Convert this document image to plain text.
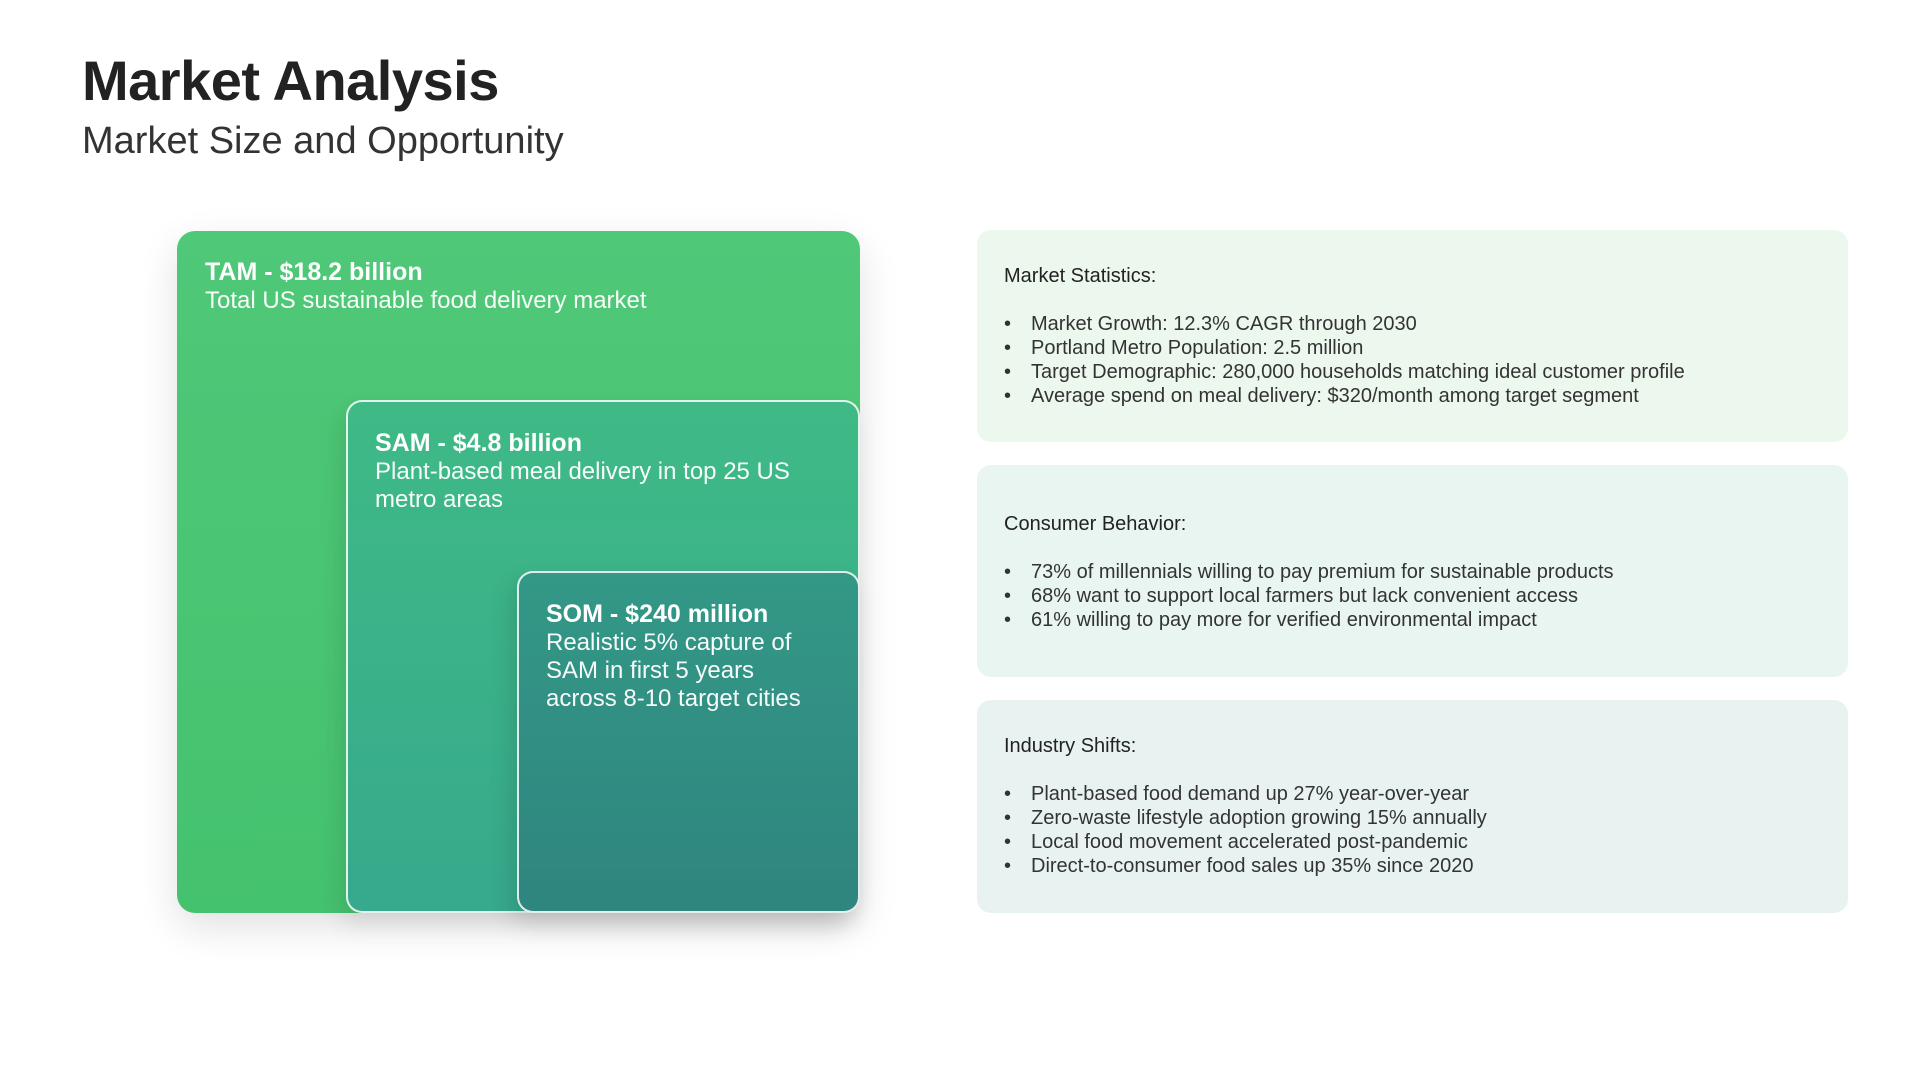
Market Analysis
Market Size and Opportunity
TAM - $18.2 billion
Total US sustainable food delivery market
SAM - $4.8 billion
Plant-based meal delivery in top 25 US metro areas
SOM - $240 million
Realistic 5% capture of SAM in first 5 years across 8-10 target cities
Market Statistics:
• Market Growth: 12.3% CAGR through 2030
• Portland Metro Population: 2.5 million
• Target Demographic: 280,000 households matching ideal customer profile
• Average spend on meal delivery: $320/month among target segment
Consumer Behavior:
• 73% of millennials willing to pay premium for sustainable products
• 68% want to support local farmers but lack convenient access
• 61% willing to pay more for verified environmental impact
Industry Shifts:
• Plant-based food demand up 27% year-over-year
• Zero-waste lifestyle adoption growing 15% annually
• Local food movement accelerated post-pandemic
• Direct-to-consumer food sales up 35% since 2020
